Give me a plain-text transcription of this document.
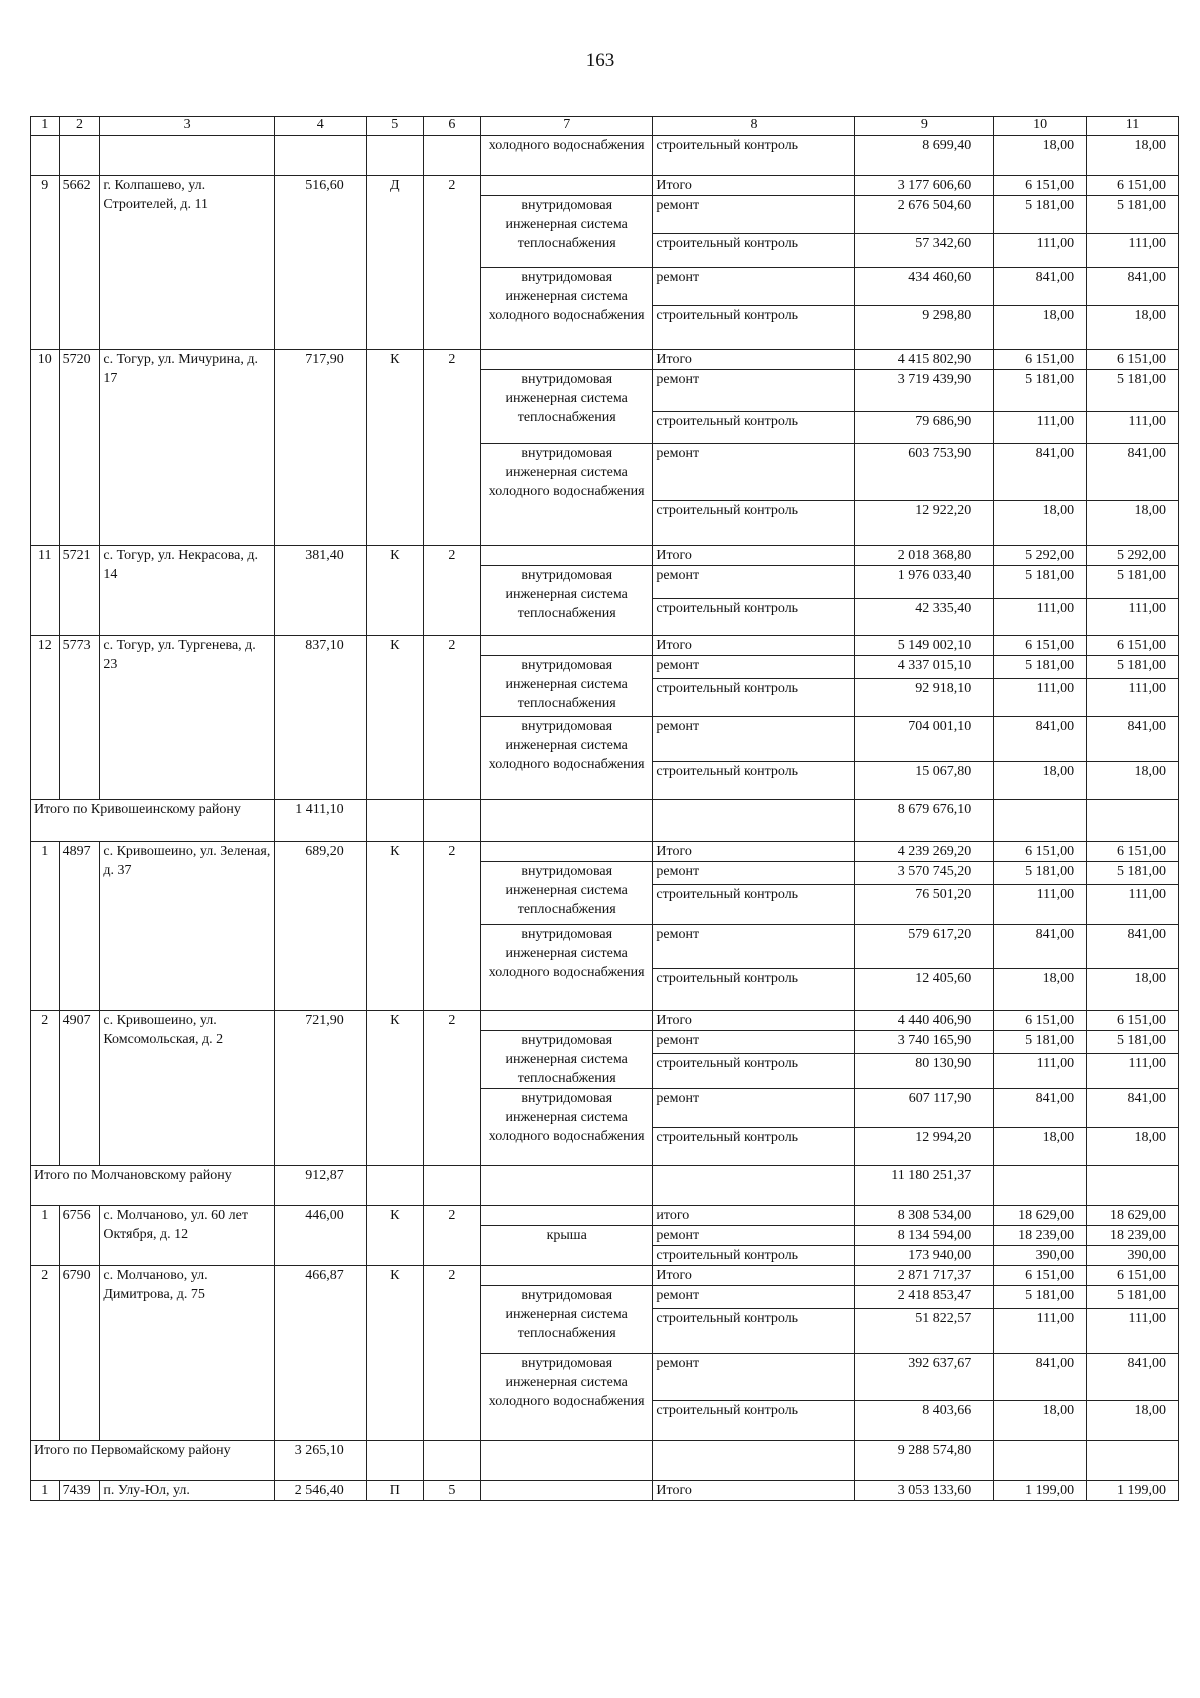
163
1	2	3	4	5	6	7	8	9	10	11
						холодного водоснабжения	строительный контроль	8 699,40	18,00	18,00
9	5662	г. Колпашево, ул. Строителей, д. 11	516,60	Д	2		Итого	3 177 606,60	6 151,00	6 151,00
						внутридомовая инженерная система теплоснабжения	ремонт	2 676 504,60	5 181,00	5 181,00
							строительный контроль	57 342,60	111,00	111,00
						внутридомовая инженерная система холодного водоснабжения	ремонт	434 460,60	841,00	841,00
							строительный контроль	9 298,80	18,00	18,00
10	5720	с. Тогур, ул. Мичурина, д. 17	717,90	К	2		Итого	4 415 802,90	6 151,00	6 151,00
						внутридомовая инженерная система теплоснабжения	ремонт	3 719 439,90	5 181,00	5 181,00
							строительный контроль	79 686,90	111,00	111,00
						внутридомовая инженерная система холодного водоснабжения	ремонт	603 753,90	841,00	841,00
							строительный контроль	12 922,20	18,00	18,00
11	5721	с. Тогур, ул. Некрасова, д. 14	381,40	К	2		Итого	2 018 368,80	5 292,00	5 292,00
						внутридомовая инженерная система теплоснабжения	ремонт	1 976 033,40	5 181,00	5 181,00
							строительный контроль	42 335,40	111,00	111,00
12	5773	с. Тогур, ул. Тургенева, д. 23	837,10	К	2		Итого	5 149 002,10	6 151,00	6 151,00
						внутридомовая инженерная система теплоснабжения	ремонт	4 337 015,10	5 181,00	5 181,00
							строительный контроль	92 918,10	111,00	111,00
						внутридомовая инженерная система холодного водоснабжения	ремонт	704 001,10	841,00	841,00
							строительный контроль	15 067,80	18,00	18,00
Итого по Кривошеинскому району			1 411,10					8 679 676,10		
1	4897	с. Кривошеино, ул. Зеленая, д. 37	689,20	К	2		Итого	4 239 269,20	6 151,00	6 151,00
						внутридомовая инженерная система теплоснабжения	ремонт	3 570 745,20	5 181,00	5 181,00
							строительный контроль	76 501,20	111,00	111,00
						внутридомовая инженерная система холодного водоснабжения	ремонт	579 617,20	841,00	841,00
							строительный контроль	12 405,60	18,00	18,00
2	4907	с. Кривошеино, ул. Комсомольская, д. 2	721,90	К	2		Итого	4 440 406,90	6 151,00	6 151,00
						внутридомовая инженерная система теплоснабжения	ремонт	3 740 165,90	5 181,00	5 181,00
							строительный контроль	80 130,90	111,00	111,00
						внутридомовая инженерная система холодного водоснабжения	ремонт	607 117,90	841,00	841,00
							строительный контроль	12 994,20	18,00	18,00
Итого по Молчановскому району			912,87					11 180 251,37		
1	6756	с. Молчаново, ул. 60 лет Октября, д. 12	446,00	К	2		итого	8 308 534,00	18 629,00	18 629,00
						крыша	ремонт	8 134 594,00	18 239,00	18 239,00
							строительный контроль	173 940,00	390,00	390,00
2	6790	с. Молчаново, ул. Димитрова, д. 75	466,87	К	2		Итого	2 871 717,37	6 151,00	6 151,00
						внутридомовая инженерная система теплоснабжения	ремонт	2 418 853,47	5 181,00	5 181,00
							строительный контроль	51 822,57	111,00	111,00
						внутридомовая инженерная система холодного водоснабжения	ремонт	392 637,67	841,00	841,00
							строительный контроль	8 403,66	18,00	18,00
Итого по Первомайскому району			3 265,10					9 288 574,80		
1	7439	п. Улу-Юл, ул.	2 546,40	П	5		Итого	3 053 133,60	1 199,00	1 199,00
